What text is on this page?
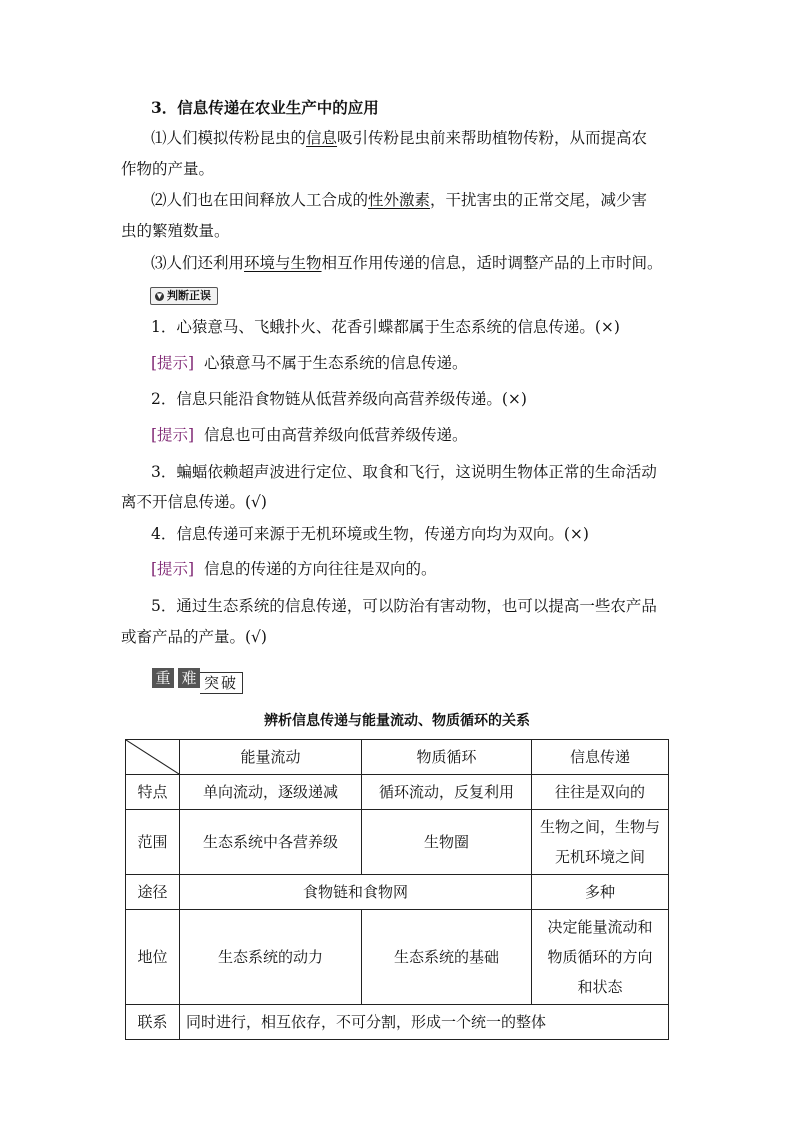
3．信息传递在农业生产中的应用
⑴人们模拟传粉昆虫的信息吸引传粉昆虫前来帮助植物传粉，从而提高农
作物的产量。
⑵人们也在田间释放人工合成的性外激素，干扰害虫的正常交尾，减少害
虫的繁殖数量。
⑶人们还利用环境与生物相互作用传递的信息，适时调整产品的上市时间。
▼ 判断正误
1．心猿意马、飞蛾扑火、花香引蝶都属于生态系统的信息传递。(×)
[提示] 心猿意马不属于生态系统的信息传递。
2．信息只能沿食物链从低营养级向高营养级传递。(×)
[提示] 信息也可由高营养级向低营养级传递。
3．蝙蝠依赖超声波进行定位、取食和飞行，这说明生物体正常的生命活动
离不开信息传递。(√)
4．信息传递可来源于无机环境或生物，传递方向均为双向。(×)
[提示] 信息的传递的方向往往是双向的。
5．通过生态系统的信息传递，可以防治有害动物，也可以提高一些农产品
或畜产品的产量。(√)
重 难 突破
辨析信息传递与能量流动、物质循环的关系
	能量流动	物质循环	信息传递
特点	单向流动，逐级递减	循环流动，反复利用	往往是双向的
范围	生态系统中各营养级	生物圈	生物之间，生物与
无机环境之间

途径	食物链和食物网		多种
地位	生态系统的动力	生态系统的基础	决定能量流动和
物质循环的方向
和状态

联系	同时进行，相互依存，不可分割，形成一个统一的整体		
